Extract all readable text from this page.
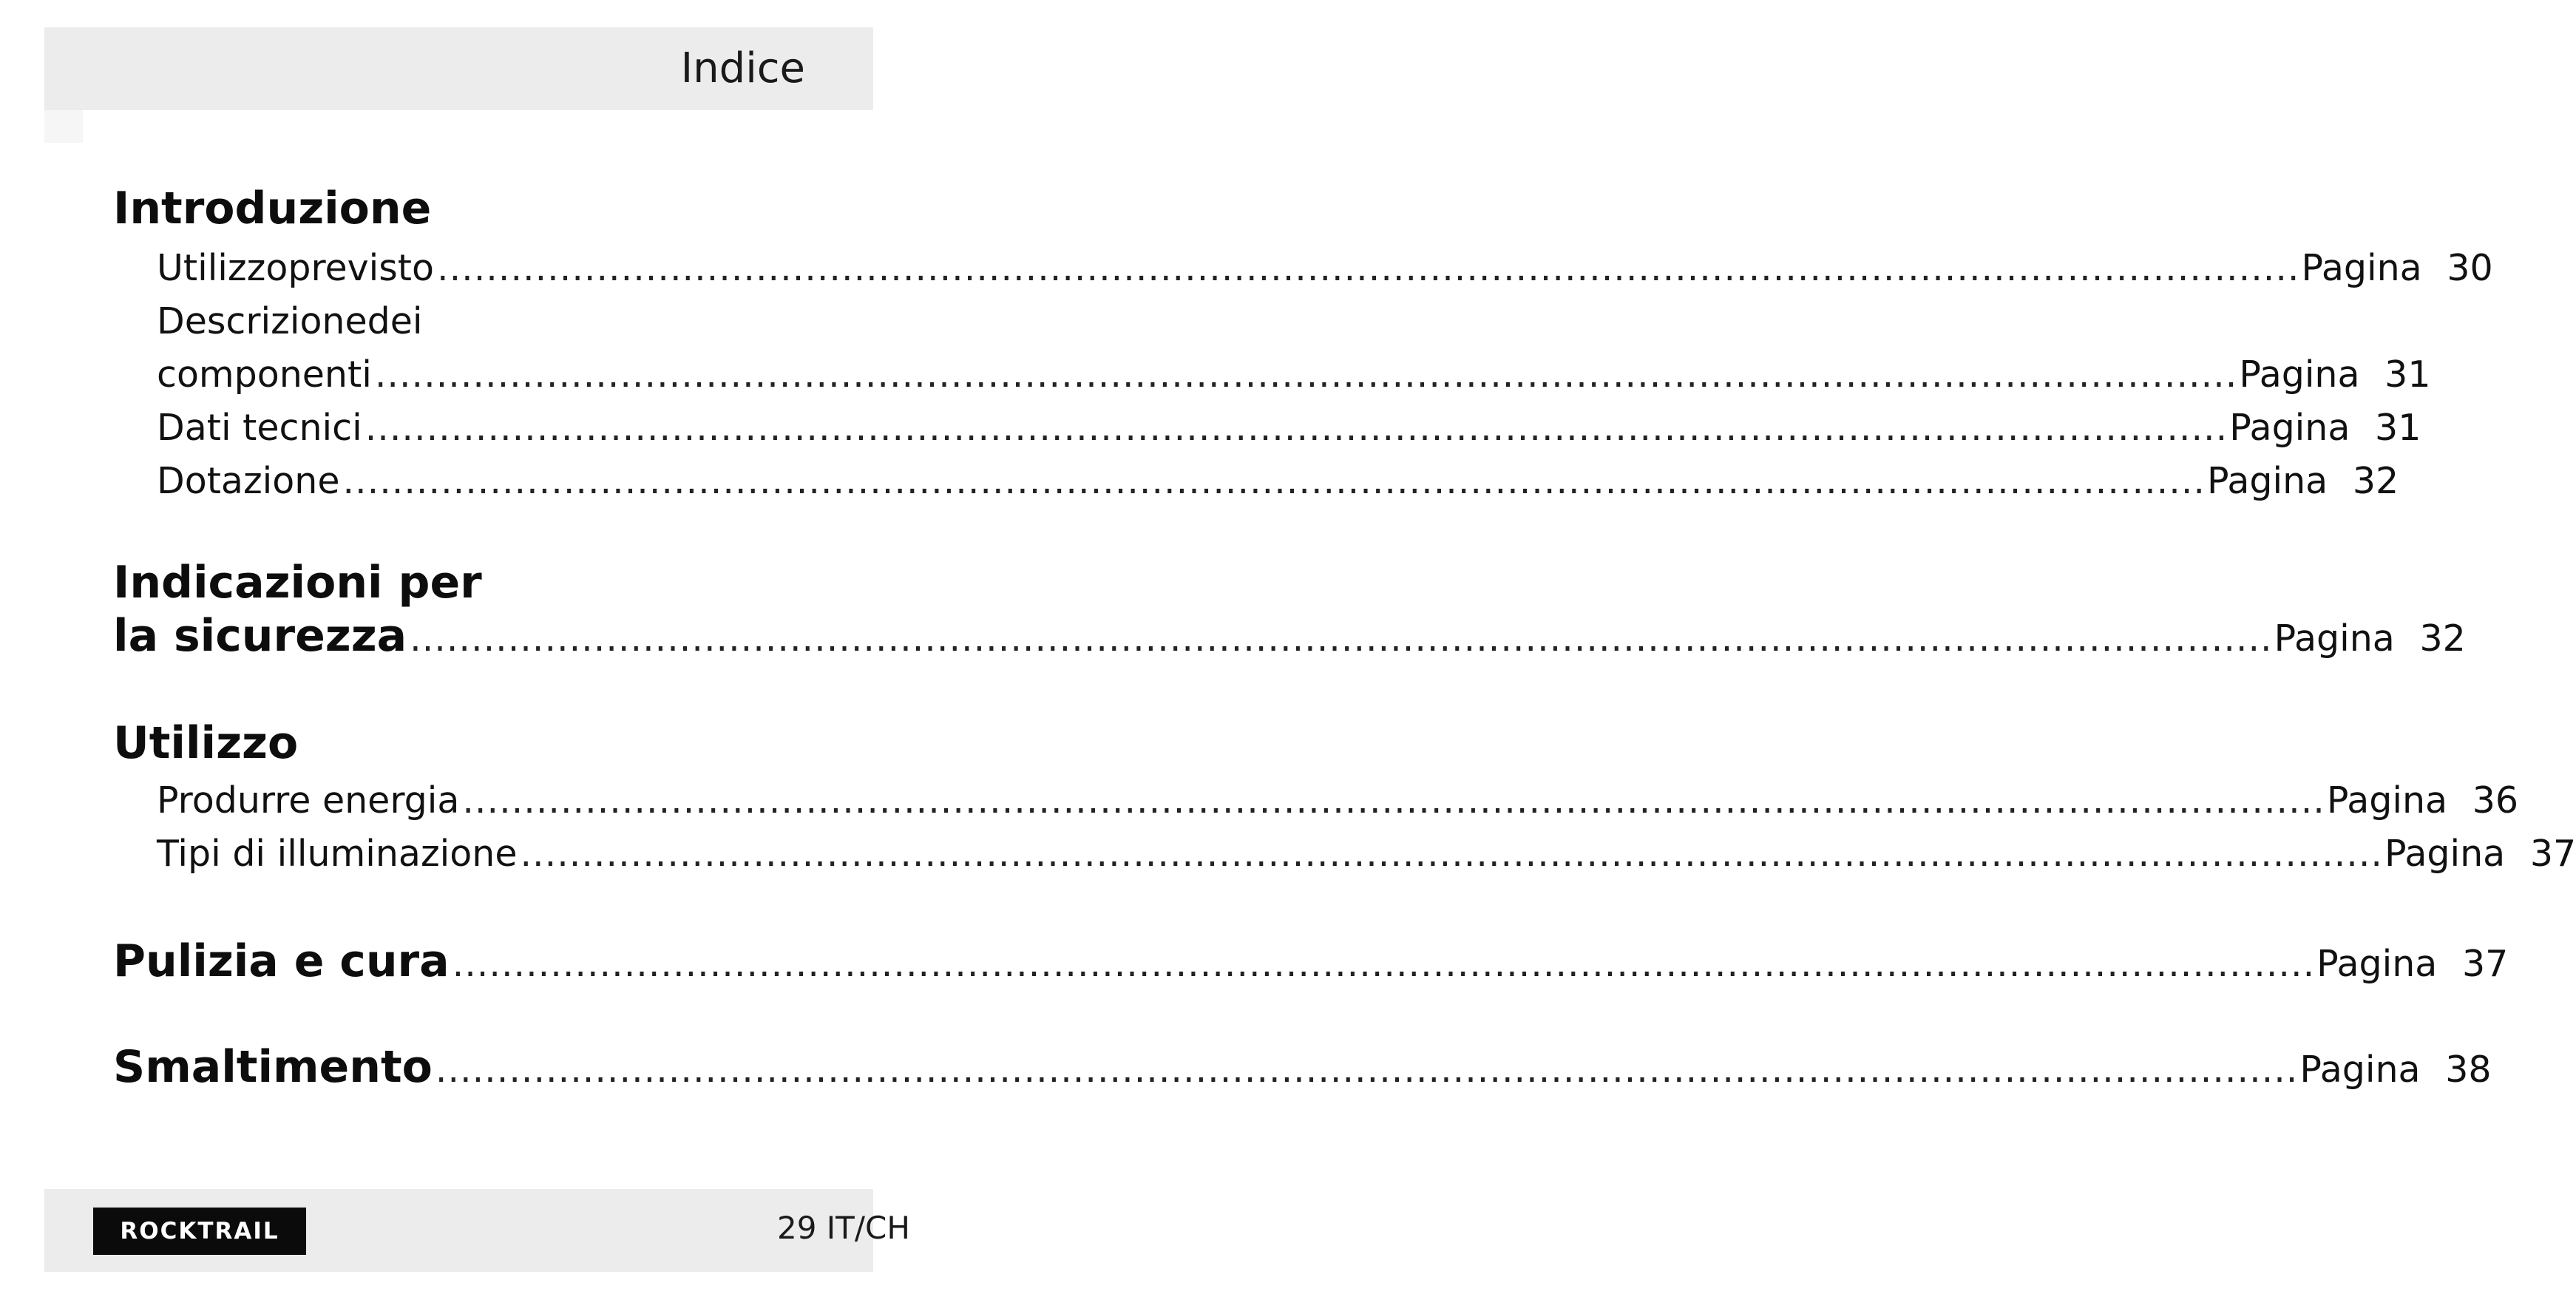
Indice
Introduzione
Utilizzoprevisto .....	Pagina 30
Descrizionedei
componenti .....	Pagina 31
Dati tecnici .....	Pagina 31
Dotazione .....	Pagina 32
Indicazioni per
la sicurezza .....	Pagina 32
Utilizzo
Produrre energia .....	Pagina 36
Tipi di illuminazione .....	Pagina 37
Pulizia e cura .....	Pagina 37
Smaltimento .....	Pagina 38
ROCKTRAIL	29 IT/CH
